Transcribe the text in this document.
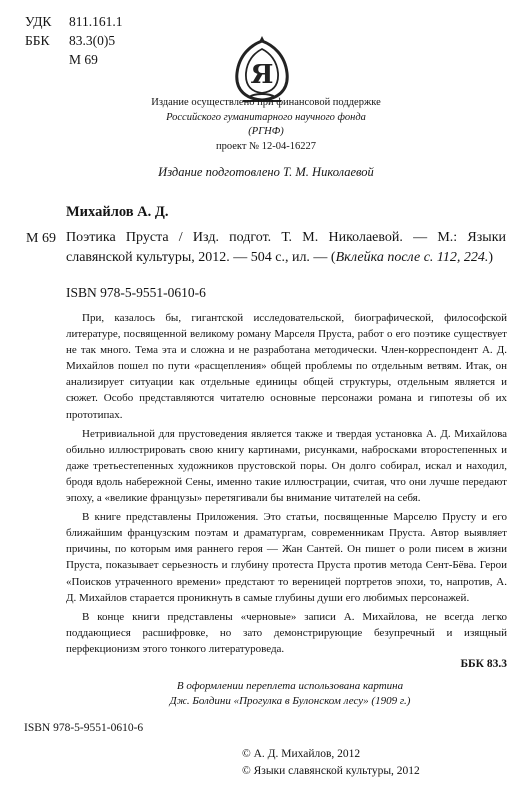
УДК 811.161.1
ББК 83.3(0)5
М 69
Я
Издание осуществлено при финансовой поддержке
Российского гуманитарного научного фонда
(РГНФ)
проект № 12-04-16227
Издание подготовлено Т. М. Николаевой
Михайлов А. Д.
М 69 Поэтика Пруста / Изд. подгот. Т. М. Николаевой. — М.: Языки славянской культуры, 2012. — 504 с., ил. — (Вклейка после с. 112, 224.)
ISBN 978-5-9551-0610-6

При, казалось бы, гигантской исследовательской, биографической, философской литературе, посвященной великому роману Марселя Пруста, работ о его поэтике существует не так много. Тема эта и сложна и не разработана методически. Член-корреспондент А. Д. Михайлов пошел по пути «расщепления» общей проблемы по отдельным ветвям. Итак, он анализирует ситуации как отдельные единицы общей структуры, отдельным является и сюжет. Особо представляются читателю основные персонажи романа и гипотезы об их прототипах.

Нетривиальной для прустоведения является также и твердая установка А. Д. Михайлова обильно иллюстрировать свою книгу картинами, рисунками, набросками второстепенных и даже третьестепенных художников прустовской поры. Он долго собирал, искал и находил, бродя вдоль набережной Сены, именно такие иллюстрации, считая, что они лучше передают эпоху, а «великие французы» перетягивали бы внимание читателей на себя.

В книге представлены Приложения. Это статьи, посвященные Марселю Прусту и его ближайшим французским поэтам и драматургам, современникам Пруста. Автор выявляет причины, по которым имя раннего героя — Жан Сантей. Он пишет о роли писем в жизни Пруста, показывает серьезность и глубину протеста Пруста против метода Сент-Бёва. Герои «Поисков утраченного времени» предстают то вереницей портретов эпохи, то, напротив, А. Д. Михайлов старается проникнуть в самые глубины души его любимых персонажей.

В конце книги представлены «черновые» записи А. Михайлова, не всегда легко поддающиеся расшифровке, но зато демонстрирующие безупречный и изящный перфекционизм этого тонкого литературоведа.

ББК 83.3
В оформлении переплета использована картина
Дж. Болдини «Прогулка в Булонском лесу» (1909 г.)
ISBN 978-5-9551-0610-6
© А. Д. Михайлов, 2012
© Языки славянской культуры, 2012
